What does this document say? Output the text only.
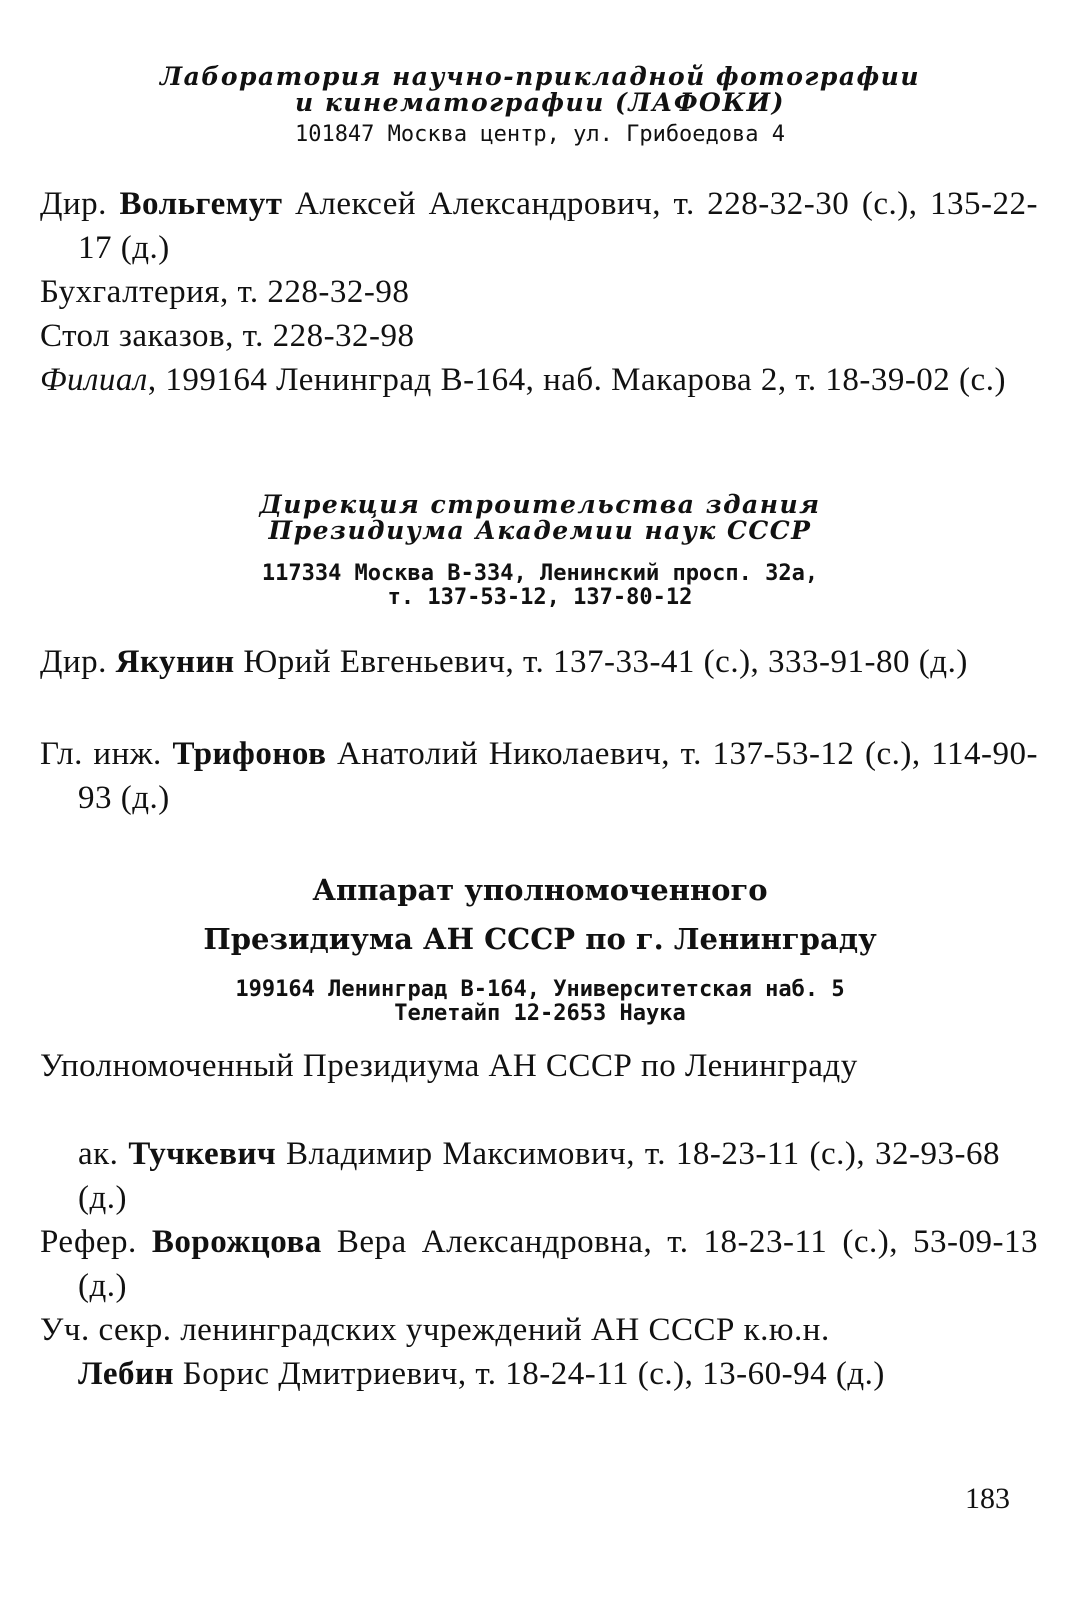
Лаборатория научно-прикладной фотографии
и кинематографии (ЛАФОКИ)
101847 Москва центр, ул. Грибоедова 4
Дир. Вольгемут Алексей Александрович, т. 228-32-30 (с.), 135-22-17 (д.)
Бухгалтерия, т. 228-32-98
Стол заказов, т. 228-32-98
Филиал, 199164 Ленинград В-164, наб. Макарова 2, т. 18-39-02 (с.)
Дирекция строительства здания
Президиума Академии наук СССР
117334 Москва В-334, Ленинский просп. 32а,
т. 137-53-12, 137-80-12
Дир. Якунин Юрий Евгеньевич, т. 137-33-41 (с.), 333-91-80 (д.)
Гл. инж. Трифонов Анатолий Николаевич, т. 137-53-12 (с.), 114-90-93 (д.)
Аппарат уполномоченного
Президиума АН СССР по г. Ленинграду
199164 Ленинград В-164, Университетская наб. 5
Телетайп 12-2653 Наука
Уполномоченный Президиума АН СССР по Ленинграду
ак. Тучкевич Владимир Максимович, т. 18-23-11 (с.), 32-93-68 (д.)
Рефер. Ворожцова Вера Александровна, т. 18-23-11 (с.), 53-09-13 (д.)
Уч. секр. ленинградских учреждений АН СССР к.ю.н.
Лебин Борис Дмитриевич, т. 18-24-11 (с.), 13-60-94 (д.)
183
